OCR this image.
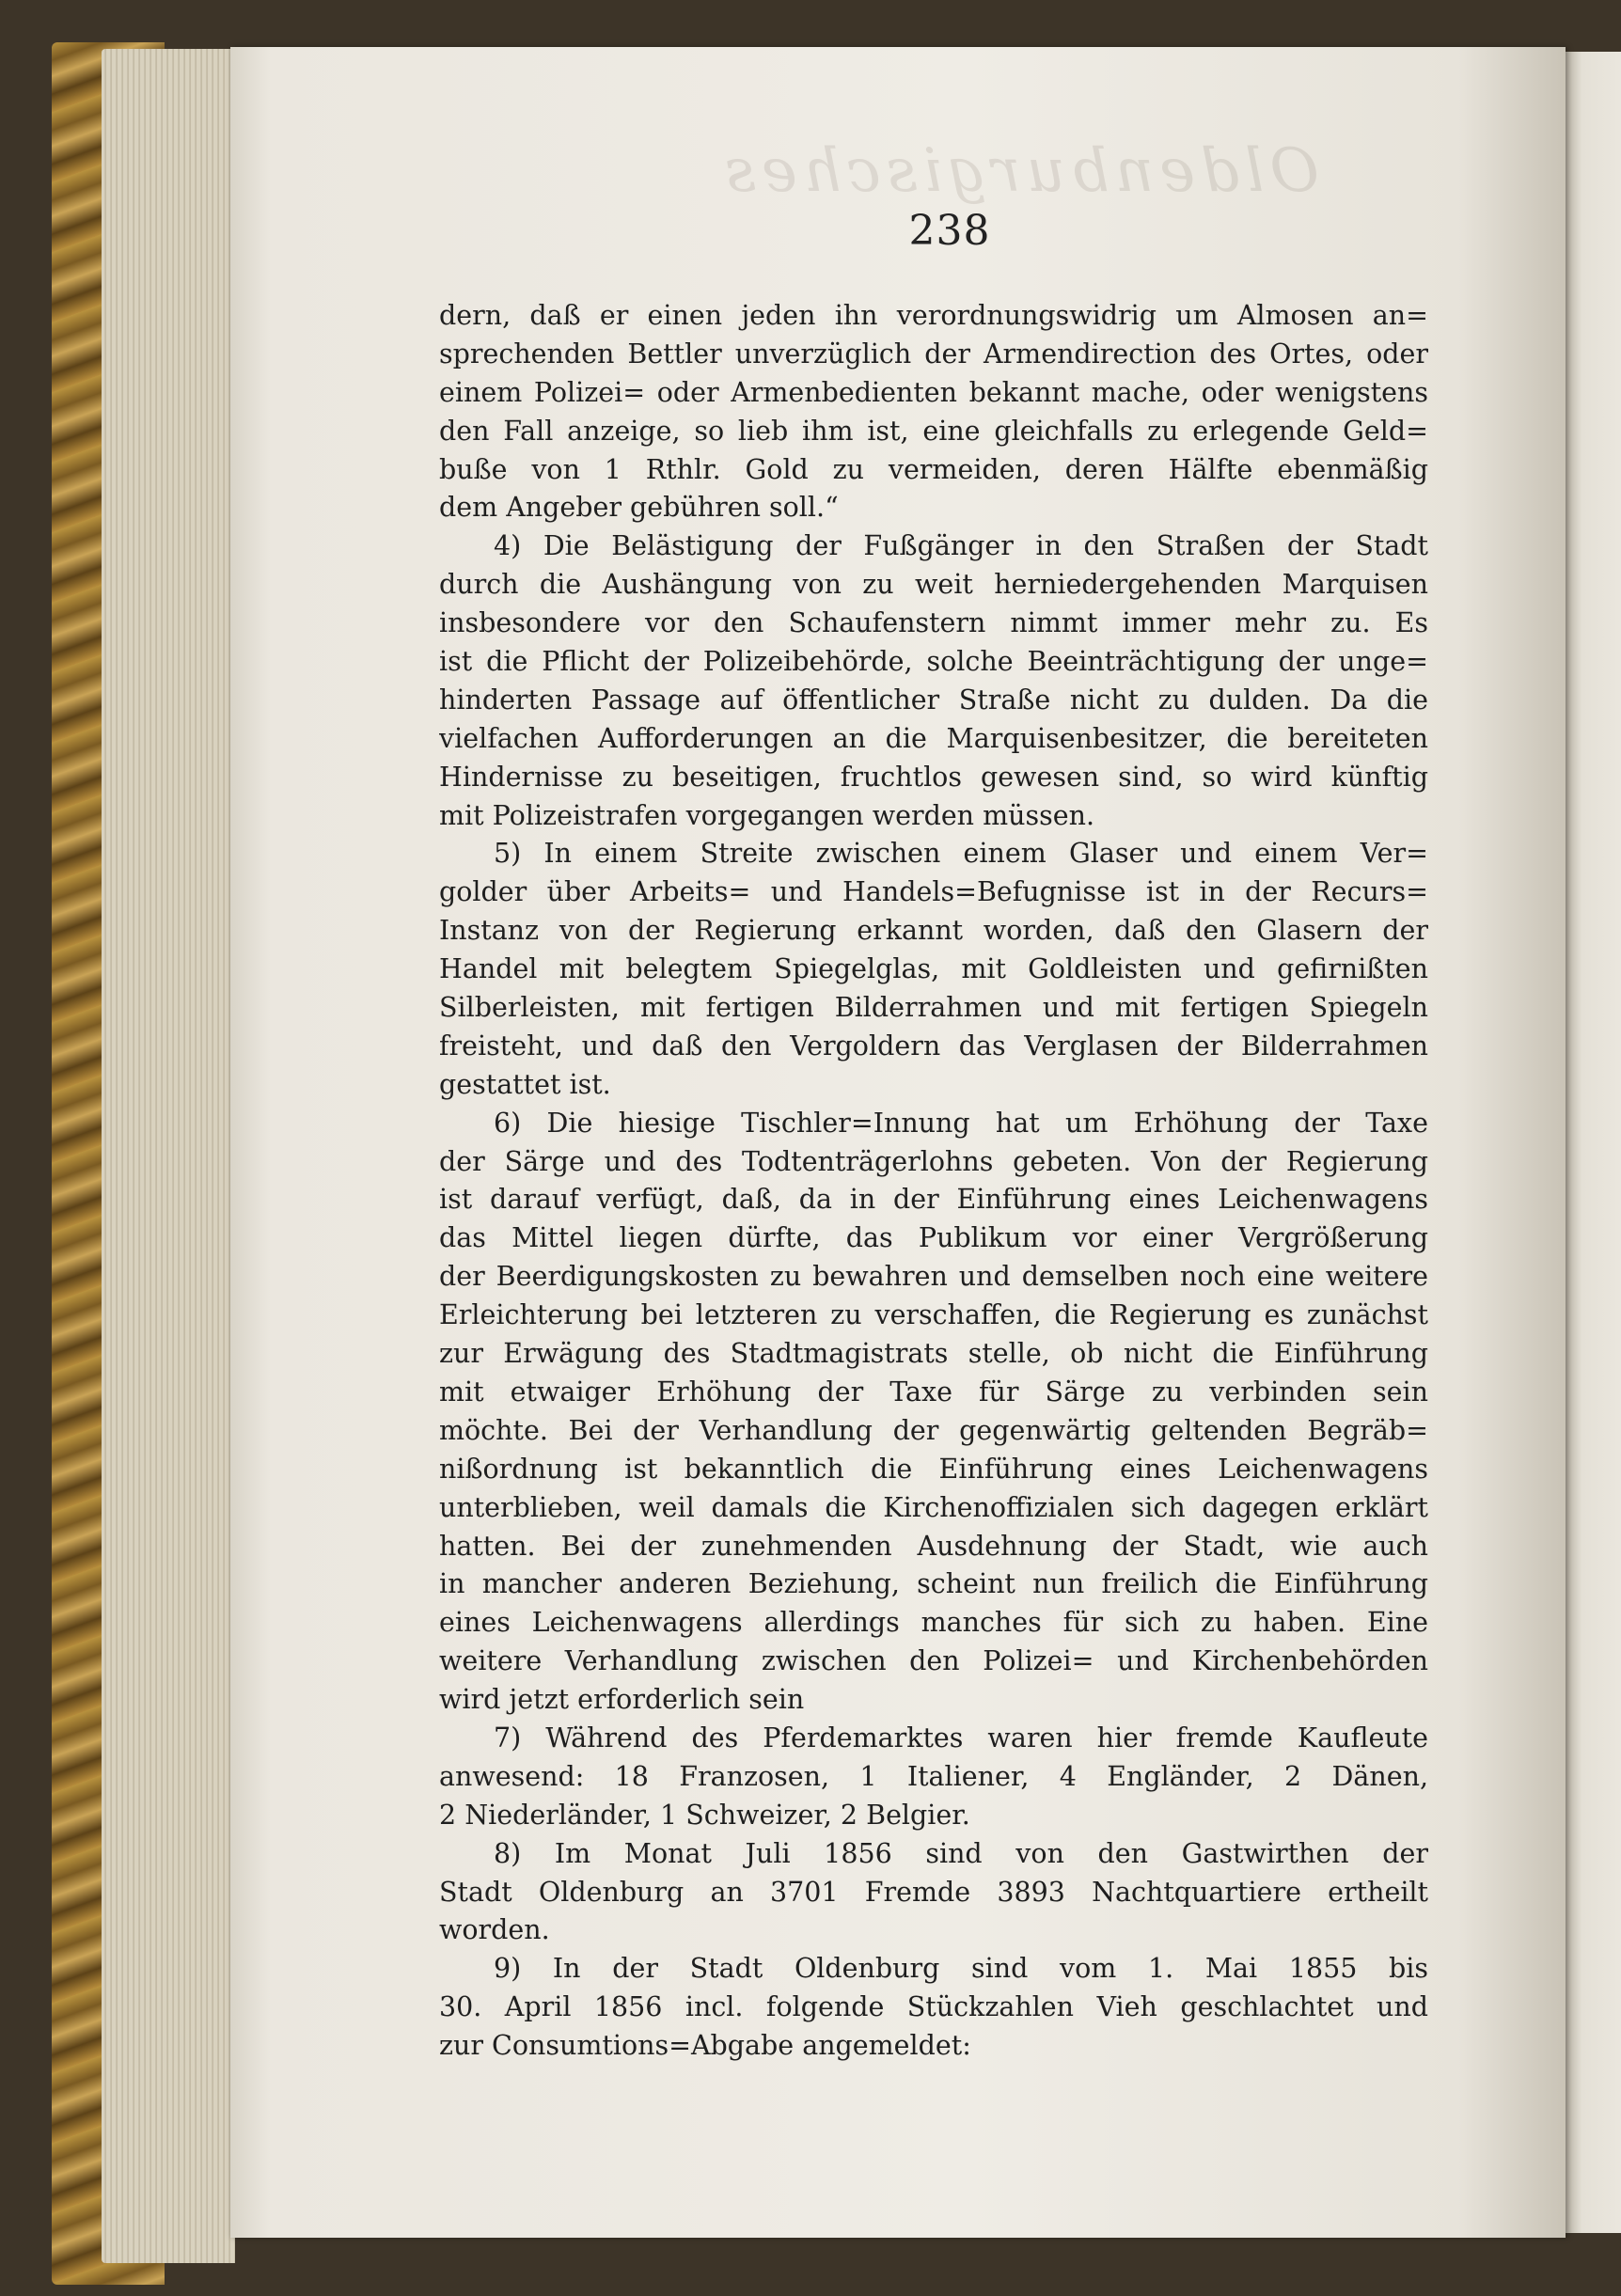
Oldenburgisches
238
dern, daß er einen jeden ihn verordnungswidrig um Almosen an=
sprechenden Bettler unverzüglich der Armendirection des Ortes, oder
einem Polizei= oder Armenbedienten bekannt mache, oder wenigstens
den Fall anzeige, so lieb ihm ist, eine gleichfalls zu erlegende Geld=
buße von 1 Rthlr. Gold zu vermeiden, deren Hälfte ebenmäßig
dem Angeber gebühren soll.“
4) Die Belästigung der Fußgänger in den Straßen der Stadt
durch die Aushängung von zu weit herniedergehenden Marquisen
insbesondere vor den Schaufenstern nimmt immer mehr zu. Es
ist die Pflicht der Polizeibehörde, solche Beeinträchtigung der unge=
hinderten Passage auf öffentlicher Straße nicht zu dulden. Da die
vielfachen Aufforderungen an die Marquisenbesitzer, die bereiteten
Hindernisse zu beseitigen, fruchtlos gewesen sind, so wird künftig
mit Polizeistrafen vorgegangen werden müssen.
5) In einem Streite zwischen einem Glaser und einem Ver=
golder über Arbeits= und Handels=Befugnisse ist in der Recurs=
Instanz von der Regierung erkannt worden, daß den Glasern der
Handel mit belegtem Spiegelglas, mit Goldleisten und gefirnißten
Silberleisten, mit fertigen Bilderrahmen und mit fertigen Spiegeln
freisteht, und daß den Vergoldern das Verglasen der Bilderrahmen
gestattet ist.
6) Die hiesige Tischler=Innung hat um Erhöhung der Taxe
der Särge und des Todtenträgerlohns gebeten. Von der Regierung
ist darauf verfügt, daß, da in der Einführung eines Leichenwagens
das Mittel liegen dürfte, das Publikum vor einer Vergrößerung
der Beerdigungskosten zu bewahren und demselben noch eine weitere
Erleichterung bei letzteren zu verschaffen, die Regierung es zunächst
zur Erwägung des Stadtmagistrats stelle, ob nicht die Einführung
mit etwaiger Erhöhung der Taxe für Särge zu verbinden sein
möchte. Bei der Verhandlung der gegenwärtig geltenden Begräb=
nißordnung ist bekanntlich die Einführung eines Leichenwagens
unterblieben, weil damals die Kirchenoffizialen sich dagegen erklärt
hatten. Bei der zunehmenden Ausdehnung der Stadt, wie auch
in mancher anderen Beziehung, scheint nun freilich die Einführung
eines Leichenwagens allerdings manches für sich zu haben. Eine
weitere Verhandlung zwischen den Polizei= und Kirchenbehörden
wird jetzt erforderlich sein
7) Während des Pferdemarktes waren hier fremde Kaufleute
anwesend: 18 Franzosen, 1 Italiener, 4 Engländer, 2 Dänen,
2 Niederländer, 1 Schweizer, 2 Belgier.
8) Im Monat Juli 1856 sind von den Gastwirthen der
Stadt Oldenburg an 3701 Fremde 3893 Nachtquartiere ertheilt
worden.
9) In der Stadt Oldenburg sind vom 1. Mai 1855 bis
30. April 1856 incl. folgende Stückzahlen Vieh geschlachtet und
zur Consumtions=Abgabe angemeldet:
